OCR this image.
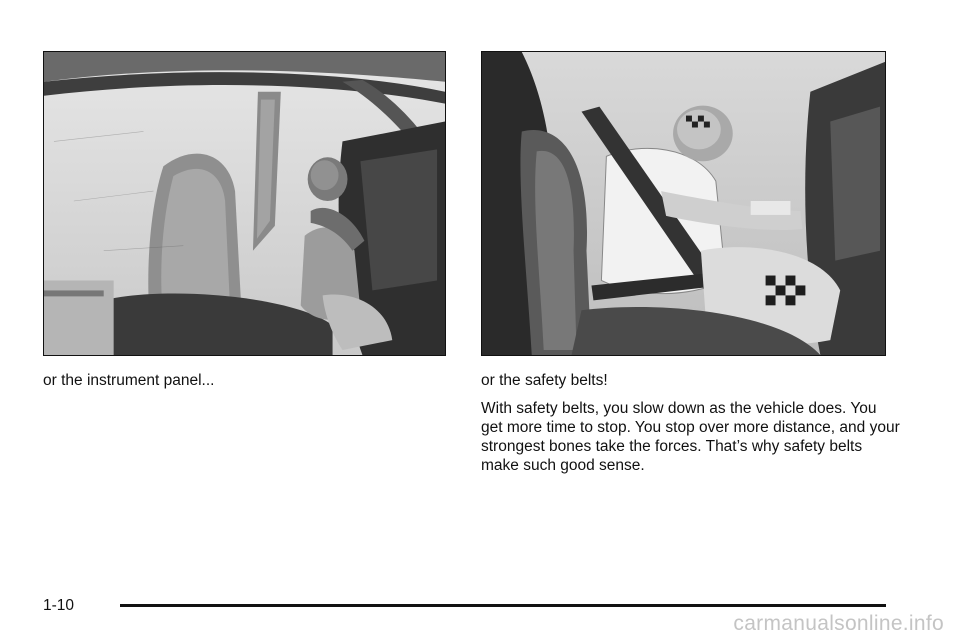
or the instrument panel...	or the safety belts!

With safety belts, you slow down as the vehicle does. You get more time to stop. You stop over more distance, and your strongest bones take the forces. That’s why safety belts make such good sense.

1-10
carmanualsonline.info
